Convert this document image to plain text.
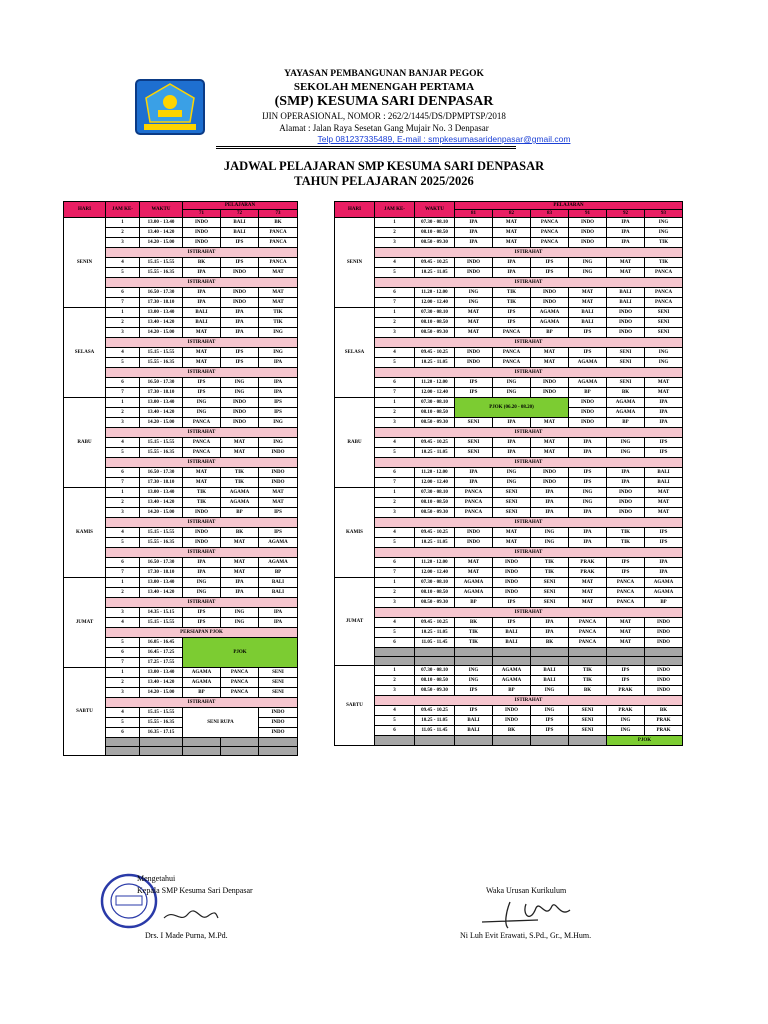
YAYASAN PEMBANGUNAN BANJAR PEGOK
SEKOLAH MENENGAH PERTAMA
(SMP) KESUMA SARI DENPASAR
IJIN OPERASIONAL, NOMOR : 262/2/1445/DS/DPMPTSP/2018
Alamat : Jalan Raya Sesetan Gang Mujair No. 3 Denpasar
Telp 081237335489, E-mail : smpkesumasaridenpasar@gmail.com
JADWAL PELAJARAN SMP KESUMA SARI DENPASAR
TAHUN PELAJARAN 2025/2026
HARI	JAM KE-	WAKTU	PELAJARAN		
			71	72	73
SENIN	1	13.00 - 13.40	INDO	BALI	BK
	2	13.40 - 14.20	INDO	BALI	PANCA
	3	14.20 - 15.00	INDO	IPS	PANCA
	ISTIRAHAT				
	4	15.15 - 15.55	BK	IPS	PANCA
	5	15.55 - 16.35	IPA	INDO	MAT
	ISTIRAHAT				
	6	16.50 - 17.30	IPA	INDO	MAT
	7	17.30 - 18.10	IPA	INDO	MAT
SELASA	1	13.00 - 13.40	BALI	IPA	TIK
	2	13.40 - 14.20	BALI	IPA	TIK
	3	14.20 - 15.00	MAT	IPA	ING
	ISTIRAHAT				
	4	15.15 - 15.55	MAT	IPS	ING
	5	15.55 - 16.35	MAT	IPS	IPA
	ISTIRAHAT				
	6	16.50 - 17.30	IPS	ING	IPA
	7	17.30 - 18.10	IPS	ING	IPA
RABU	1	13.00 - 13.40	ING	INDO	IPS
	2	13.40 - 14.20	ING	INDO	IPS
	3	14.20 - 15.00	PANCA	INDO	ING
	ISTIRAHAT				
	4	15.15 - 15.55	PANCA	MAT	ING
	5	15.55 - 16.35	PANCA	MAT	INDO
	ISTIRAHAT				
	6	16.50 - 17.30	MAT	TIK	INDO
	7	17.30 - 18.10	MAT	TIK	INDO
KAMIS	1	13.00 - 13.40	TIK	AGAMA	MAT
	2	13.40 - 14.20	TIK	AGAMA	MAT
	3	14.20 - 15.00	INDO	BP	IPS
	ISTIRAHAT				
	4	15.15 - 15.55	INDO	BK	IPS
	5	15.55 - 16.35	INDO	MAT	AGAMA
	ISTIRAHAT				
	6	16.50 - 17.30	IPA	MAT	AGAMA
	7	17.30 - 18.10	IPA	MAT	BP
JUMAT	1	13.00 - 13.40	ING	IPA	BALI
	2	13.40 - 14.20	ING	IPA	BALI
	ISTIRAHAT				
	3	14.35 - 15.15	IPS	ING	IPA
	4	15.15 - 15.55	IPS	ING	IPA
	PERSIAPAN PJOK				
	5	16.05 - 16.45	PJOK		
	6	16.45 - 17.25			
	7	17.25 - 17.55			
SABTU	1	13.00 - 13.40	AGAMA	PANCA	SENI
	2	13.40 - 14.20	AGAMA	PANCA	SENI
	3	14.20 - 15.00	BP	PANCA	SENI
	ISTIRAHAT				
	4	15.15 - 15.55	SENI RUPA		INDO
	5	15.55 - 16.35			INDO
	6	16.35 - 17.15			INDO

HARI	JAM KE-	WAKTU	PELAJARAN					
			81	82	83	91	92	93
SENIN	1	07.30 - 08.10	IPA	MAT	PANCA	INDO	IPA	ING
	2	08.10 - 08.50	IPA	MAT	PANCA	INDO	IPA	ING
	3	08.50 - 09.30	IPA	MAT	PANCA	INDO	IPA	TIK
	ISTIRAHAT							
	4	09.45 - 10.25	INDO	IPA	IPS	ING	MAT	TIK
	5	10.25 - 11.05	INDO	IPA	IPS	ING	MAT	PANCA
	ISTIRAHAT							
	6	11.20 - 12.00	ING	TIK	INDO	MAT	BALI	PANCA
	7	12.00 - 12.40	ING	TIK	INDO	MAT	BALI	PANCA
SELASA	1	07.30 - 08.10	MAT	IPS	AGAMA	BALI	INDO	SENI
	2	08.10 - 08.50	MAT	IPS	AGAMA	BALI	INDO	SENI
	3	08.50 - 09.30	MAT	PANCA	BP	IPS	INDO	SENI
	ISTIRAHAT							
	4	09.45 - 10.25	INDO	PANCA	MAT	IPS	SENI	ING
	5	10.25 - 11.05	INDO	PANCA	MAT	AGAMA	SENI	ING
	ISTIRAHAT							
	6	11.20 - 12.00	IPS	ING	INDO	AGAMA	SENI	MAT
	7	12.00 - 12.40	IPS	ING	INDO	BP	BK	MAT
RABU	1	07.30 - 08.10	PJOK (06.20 - 08.20)			INDO	AGAMA	IPA
	2	08.10 - 08.50				INDO	AGAMA	IPA
	3	08.50 - 09.30	SENI	IPA	MAT	INDO	BP	IPA
	ISTIRAHAT							
	4	09.45 - 10.25	SENI	IPA	MAT	IPA	ING	IPS
	5	10.25 - 11.05	SENI	IPA	MAT	IPA	ING	IPS
	ISTIRAHAT							
	6	11.20 - 12.00	IPA	ING	INDO	IPS	IPA	BALI
	7	12.00 - 12.40	IPA	ING	INDO	IPS	IPA	BALI
KAMIS	1	07.30 - 08.10	PANCA	SENI	IPA	ING	INDO	MAT
	2	08.10 - 08.50	PANCA	SENI	IPA	ING	INDO	MAT
	3	08.50 - 09.30	PANCA	SENI	IPA	IPA	INDO	MAT
	ISTIRAHAT							
	4	09.45 - 10.25	INDO	MAT	ING	IPA	TIK	IPS
	5	10.25 - 11.05	INDO	MAT	ING	IPA	TIK	IPS
	ISTIRAHAT							
	6	11.20 - 12.00	MAT	INDO	TIK	PRAK	IPS	IPA
	7	12.00 - 12.40	MAT	INDO	TIK	PRAK	IPS	IPA
JUMAT	1	07.30 - 08.10	AGAMA	INDO	SENI	MAT	PANCA	AGAMA
	2	08.10 - 08.50	AGAMA	INDO	SENI	MAT	PANCA	AGAMA
	3	08.50 - 09.30	BP	IPS	SENI	MAT	PANCA	BP
	ISTIRAHAT							
	4	09.45 - 10.25	BK	IPS	IPA	PANCA	MAT	INDO
	5	10.25 - 11.05	TIK	BALI	IPA	PANCA	MAT	INDO
	6	11.05 - 11.45	TIK	BALI	BK	PANCA	MAT	INDO

SABTU	1	07.30 - 08.10	ING	AGAMA	BALI	TIK	IPS	INDO
	2	08.10 - 08.50	ING	AGAMA	BALI	TIK	IPS	INDO
	3	08.50 - 09.30	IPS	BP	ING	BK	PRAK	INDO
	ISTIRAHAT							
	4	09.45 - 10.25	IPS	INDO	ING	SENI	PRAK	BK
	5	10.25 - 11.05	BALI	INDO	IPS	SENI	ING	PRAK
	6	11.05 - 11.45	BALI	BK	IPS	SENI	ING	PRAK
							PJOK	
Mengetahui
Kepala SMP Kesuma Sari Denpasar
Drs. I Made Purna, M.Pd.
Waka Urusan Kurikulum
Ni Luh Evit Erawati, S.Pd., Gr., M.Hum.
